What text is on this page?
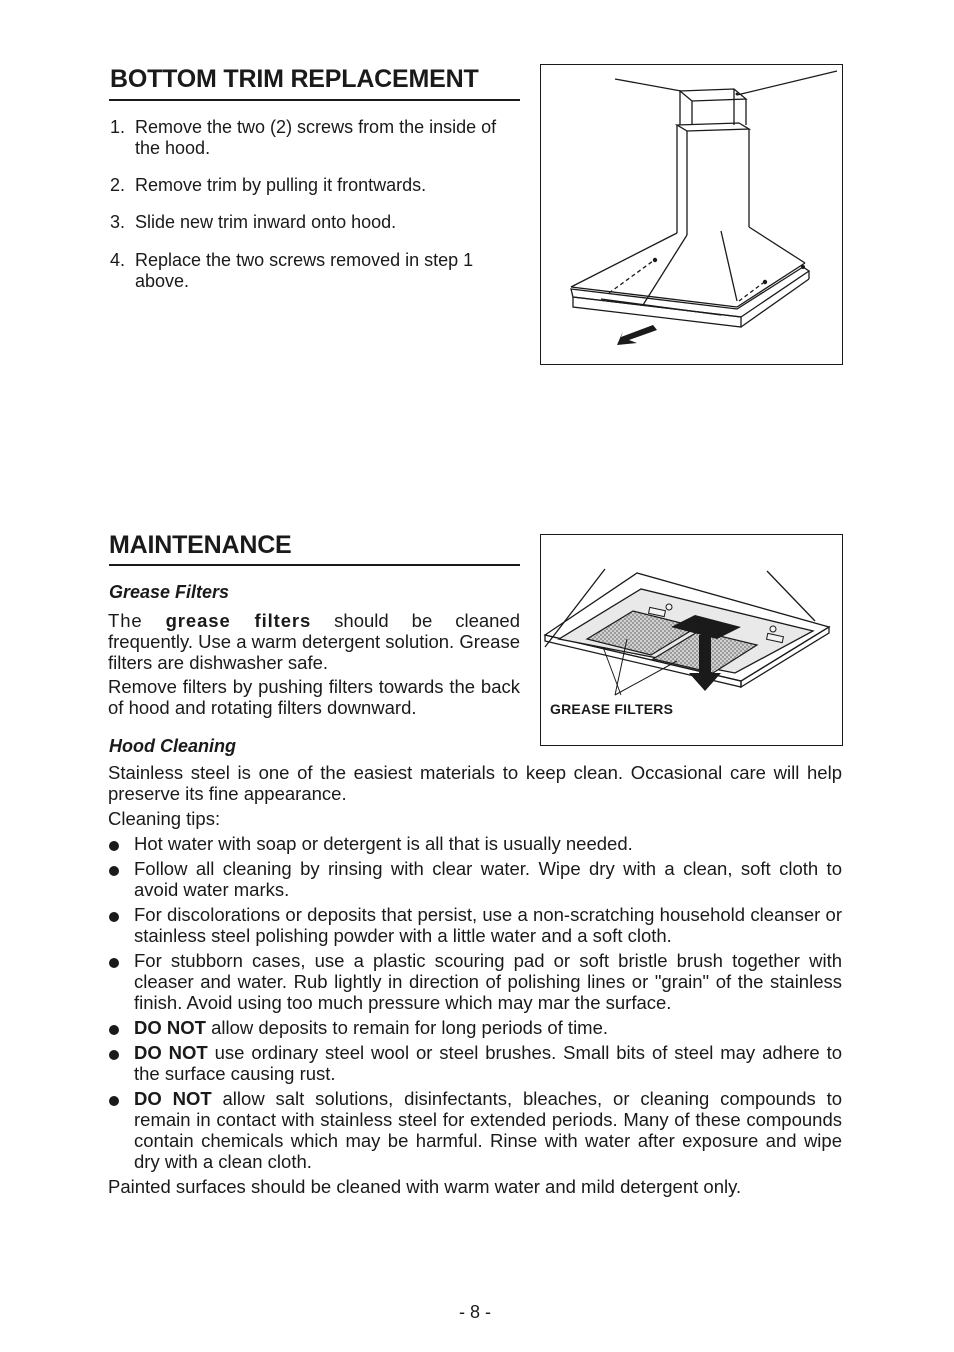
BOTTOM TRIM REPLACEMENT
1. Remove the two (2) screws from the inside of the hood.
2. Remove trim by pulling it frontwards.
3. Slide new trim inward onto hood.
4. Replace the two screws removed in step 1 above.
MAINTENANCE
Grease Filters
The grease filters should be cleaned frequently. Use a warm detergent solution. Grease filters are dishwasher safe.
Remove filters by pushing filters towards the back of hood and rotating filters downward.	GREASE FILTERS
Hood Cleaning
Stainless steel is one of the easiest materials to keep clean. Occasional care will help preserve its fine appearance.
Cleaning tips:
Hot water with soap or detergent is all that is usually needed.
Follow all cleaning by rinsing with clear water. Wipe dry with a clean, soft cloth to avoid water marks.
For discolorations or deposits that persist, use a non-scratching household cleanser or stainless steel polishing powder with a little water and a soft cloth.
For stubborn cases, use a plastic scouring pad or soft bristle brush together with cleaser and water. Rub lightly in direction of polishing lines or "grain" of the stainless finish. Avoid using too much pressure which may mar the surface.
DO NOT allow deposits to remain for long periods of time.
DO NOT use ordinary steel wool or steel brushes. Small bits of steel may adhere to the surface causing rust.
DO NOT allow salt solutions, disinfectants, bleaches, or cleaning compounds to remain in contact with stainless steel for extended periods. Many of these compounds contain chemicals which may be harmful. Rinse with water after exposure and wipe dry with a clean cloth.
Painted surfaces should be cleaned with warm water and mild detergent only.
- 8 -
